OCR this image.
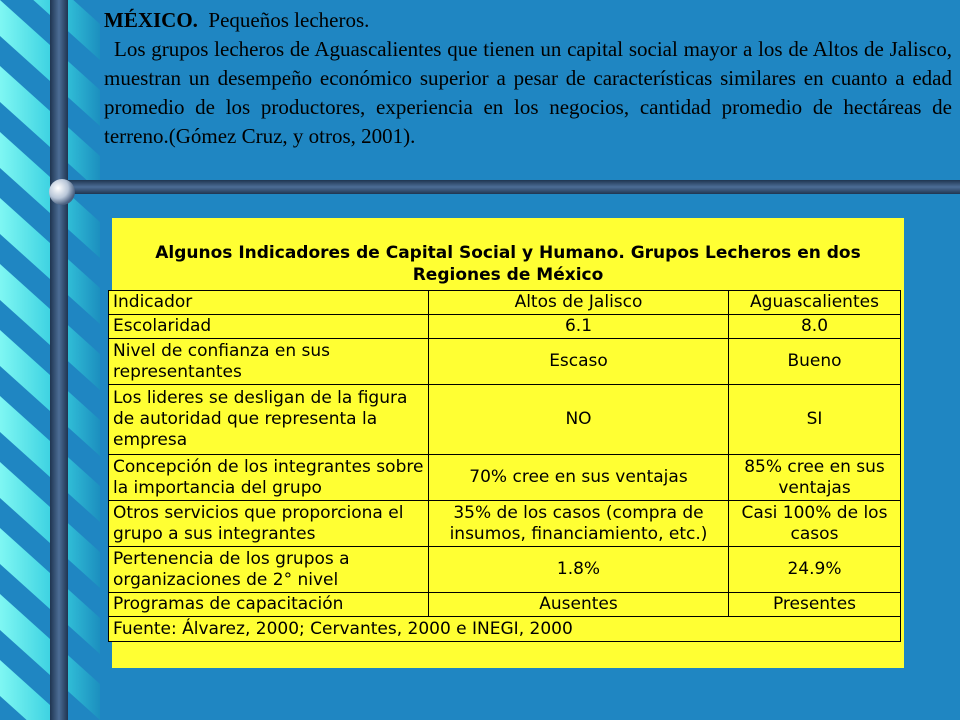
MÉXICO. Pequeños lecheros.

Los grupos lecheros de Aguascalientes que tienen un capital social mayor a los de Altos de Jalisco, muestran un desempeño económico superior a pesar de características similares en cuanto a edad promedio de los productores, experiencia en los negocios, cantidad promedio de hectáreas de terreno.(Gómez Cruz, y otros, 2001).

Algunos Indicadores de Capital Social y Humano. Grupos Lecheros en dos
Regiones de México
Indicador	Altos de Jalisco	Aguascalientes
Escolaridad	6.1	8.0
Nivel de confianza en sus representantes	Escaso	Bueno
Los lideres se desligan de la figura de autoridad que representa la empresa	NO	SI
Concepción de los integrantes sobre la importancia del grupo	70% cree en sus ventajas	85% cree en sus ventajas
Otros servicios que proporciona el grupo a sus integrantes	35% de los casos (compra de insumos, financiamiento, etc.)	Casi 100% de los casos
Pertenencia de los grupos a organizaciones de 2° nivel	1.8%	24.9%
Programas de capacitación	Ausentes	Presentes
Fuente: Álvarez, 2000; Cervantes, 2000 e INEGI, 2000		
